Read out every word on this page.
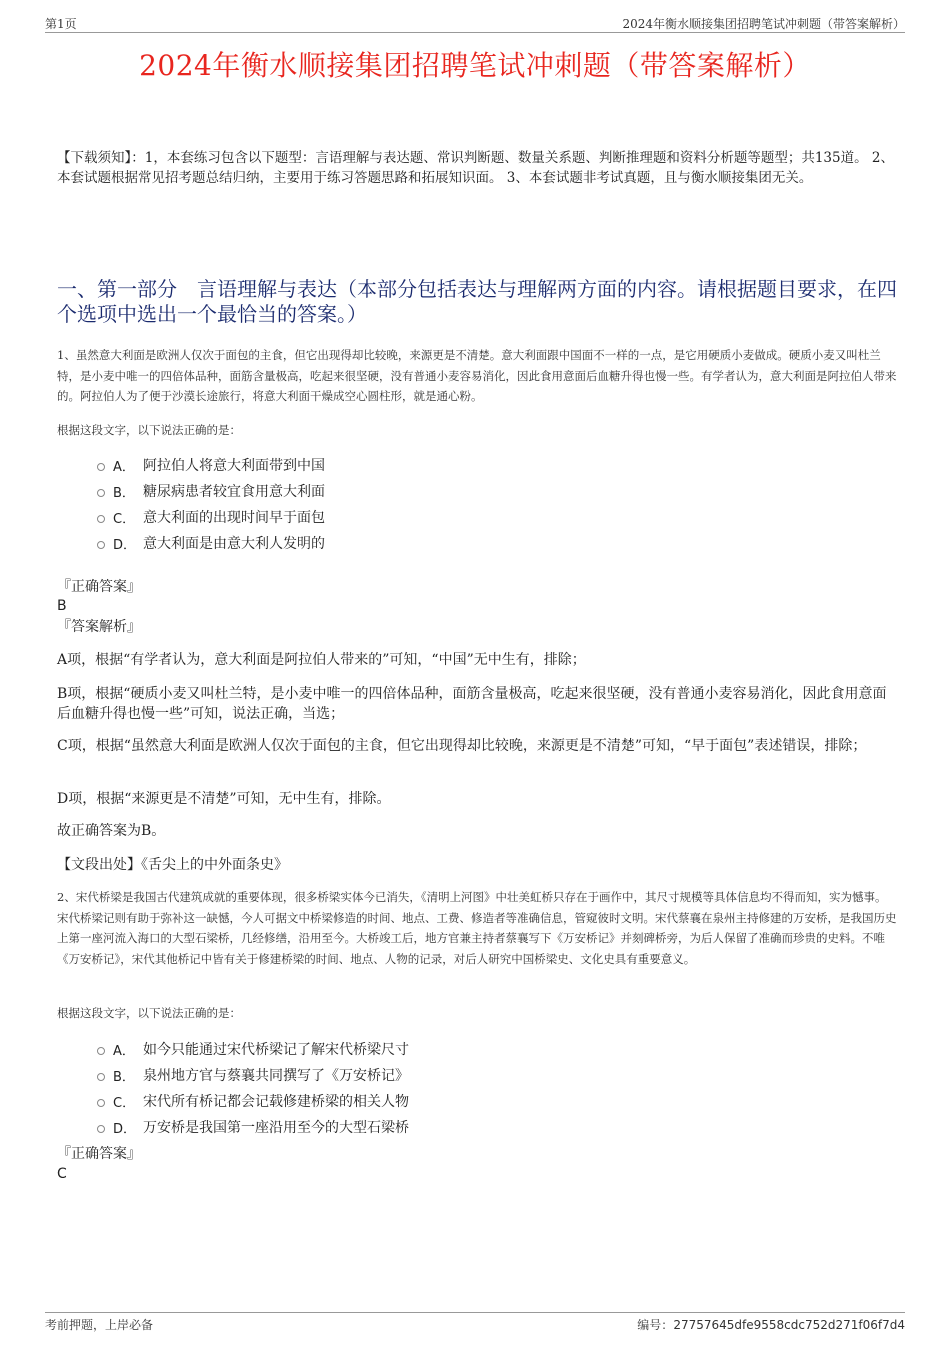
第1页	2024年衡水顺接集团招聘笔试冲刺题（带答案解析）
2024年衡水顺接集团招聘笔试冲刺题（带答案解析）
【下载须知】：1，本套练习包含以下题型：言语理解与表达题、常识判断题、数量关系题、判断推理题和资料分析题等题型；共135道。 2、本套试题根据常见招考题总结归纳，主要用于练习答题思路和拓展知识面。 3、本套试题非考试真题，且与衡水顺接集团无关。
一、第一部分　言语理解与表达（本部分包括表达与理解两方面的内容。请根据题目要求，在四个选项中选出一个最恰当的答案。）
1、虽然意大利面是欧洲人仅次于面包的主食，但它出现得却比较晚，来源更是不清楚。意大利面跟中国面不一样的一点，是它用硬质小麦做成。硬质小麦又叫杜兰特，是小麦中唯一的四倍体品种，面筋含量极高，吃起来很坚硬，没有普通小麦容易消化，因此食用意面后血糖升得也慢一些。有学者认为，意大利面是阿拉伯人带来的。阿拉伯人为了便于沙漠长途旅行，将意大利面干燥成空心圆柱形，就是通心粉。
根据这段文字，以下说法正确的是：
A． 阿拉伯人将意大利面带到中国
B． 糖尿病患者较宜食用意大利面
C． 意大利面的出现时间早于面包
D． 意大利面是由意大利人发明的
『正确答案』
B
『答案解析』
A项，根据“有学者认为，意大利面是阿拉伯人带来的”可知，“中国”无中生有，排除；
B项，根据“硬质小麦又叫杜兰特，是小麦中唯一的四倍体品种，面筋含量极高，吃起来很坚硬，没有普通小麦容易消化，因此食用意面后血糖升得也慢一些”可知，说法正确，当选；
C项，根据“虽然意大利面是欧洲人仅次于面包的主食，但它出现得却比较晚，来源更是不清楚”可知，“早于面包”表述错误，排除；
D项，根据“来源更是不清楚”可知，无中生有，排除。
故正确答案为B。
【文段出处】《舌尖上的中外面条史》
2、宋代桥梁是我国古代建筑成就的重要体现，很多桥梁实体今已消失，《清明上河图》中壮美虹桥只存在于画作中，其尺寸规模等具体信息均不得而知，实为憾事。宋代桥梁记则有助于弥补这一缺憾，今人可据文中桥梁修造的时间、地点、工费、修造者等准确信息，管窥彼时文明。宋代蔡襄在泉州主持修建的万安桥，是我国历史上第一座河流入海口的大型石梁桥，几经修缮，沿用至今。大桥竣工后，地方官兼主持者蔡襄写下《万安桥记》并刻碑桥旁，为后人保留了准确而珍贵的史料。不唯《万安桥记》，宋代其他桥记中皆有关于修建桥梁的时间、地点、人物的记录，对后人研究中国桥梁史、文化史具有重要意义。
根据这段文字，以下说法正确的是：
A． 如今只能通过宋代桥梁记了解宋代桥梁尺寸
B． 泉州地方官与蔡襄共同撰写了《万安桥记》
C． 宋代所有桥记都会记载修建桥梁的相关人物
D． 万安桥是我国第一座沿用至今的大型石梁桥
『正确答案』
C
考前押题，上岸必备	编号：27757645dfe9558cdc752d271f06f7d4
